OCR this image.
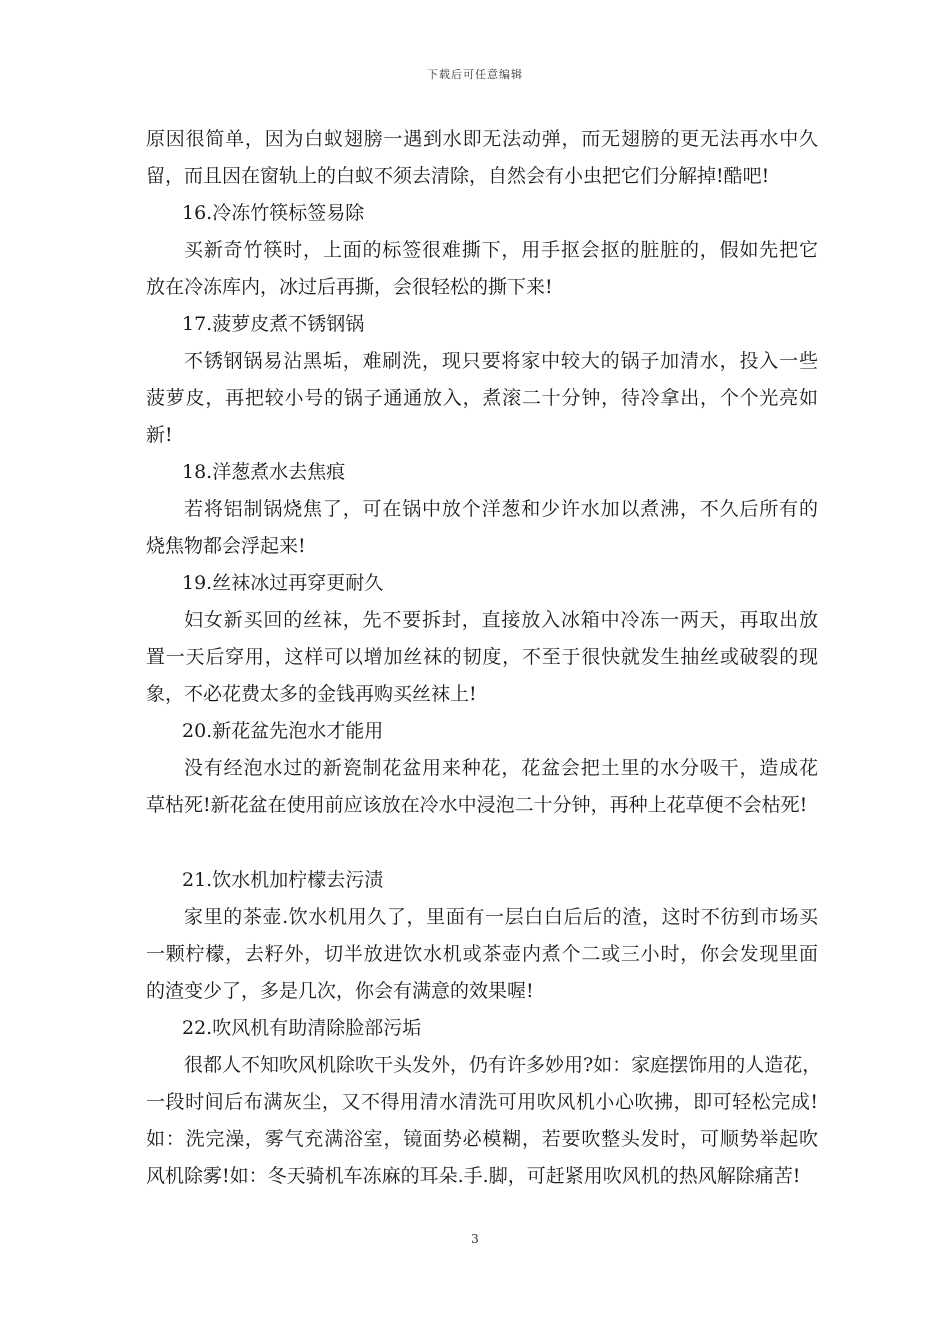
下载后可任意编辑
原因很简单，因为白蚁翅膀一遇到水即无法动弹，而无翅膀的更无法再水中久
留，而且因在窗轨上的白蚁不须去清除，自然会有小虫把它们分解掉!酷吧!
16.冷冻竹筷标签易除
买新奇竹筷时，上面的标签很难撕下，用手抠会抠的脏脏的，假如先把它
放在冷冻库内，冰过后再撕，会很轻松的撕下来!
17.菠萝皮煮不锈钢锅
不锈钢锅易沾黑垢，难刷洗，现只要将家中较大的锅子加清水，投入一些
菠萝皮，再把较小号的锅子通通放入，煮滚二十分钟，待冷拿出，个个光亮如
新!
18.洋葱煮水去焦痕
若将铝制锅烧焦了，可在锅中放个洋葱和少许水加以煮沸，不久后所有的
烧焦物都会浮起来!
19.丝袜冰过再穿更耐久
妇女新买回的丝袜，先不要拆封，直接放入冰箱中冷冻一两天，再取出放
置一天后穿用，这样可以增加丝袜的韧度，不至于很快就发生抽丝或破裂的现
象，不必花费太多的金钱再购买丝袜上!
20.新花盆先泡水才能用
没有经泡水过的新瓷制花盆用来种花，花盆会把土里的水分吸干，造成花
草枯死!新花盆在使用前应该放在冷水中浸泡二十分钟，再种上花草便不会枯死!
21.饮水机加柠檬去污渍
家里的茶壶.饮水机用久了，里面有一层白白后后的渣，这时不彷到市场买
一颗柠檬，去籽外，切半放进饮水机或茶壶内煮个二或三小时，你会发现里面
的渣变少了，多是几次，你会有满意的效果喔!
22.吹风机有助清除脸部污垢
很都人不知吹风机除吹干头发外，仍有许多妙用?如：家庭摆饰用的人造花，
一段时间后布满灰尘，又不得用清水清洗可用吹风机小心吹拂，即可轻松完成!
如：洗完澡，雾气充满浴室，镜面势必模糊，若要吹整头发时，可顺势举起吹
风机除雾!如：冬天骑机车冻麻的耳朵.手.脚，可赶紧用吹风机的热风解除痛苦!
3
